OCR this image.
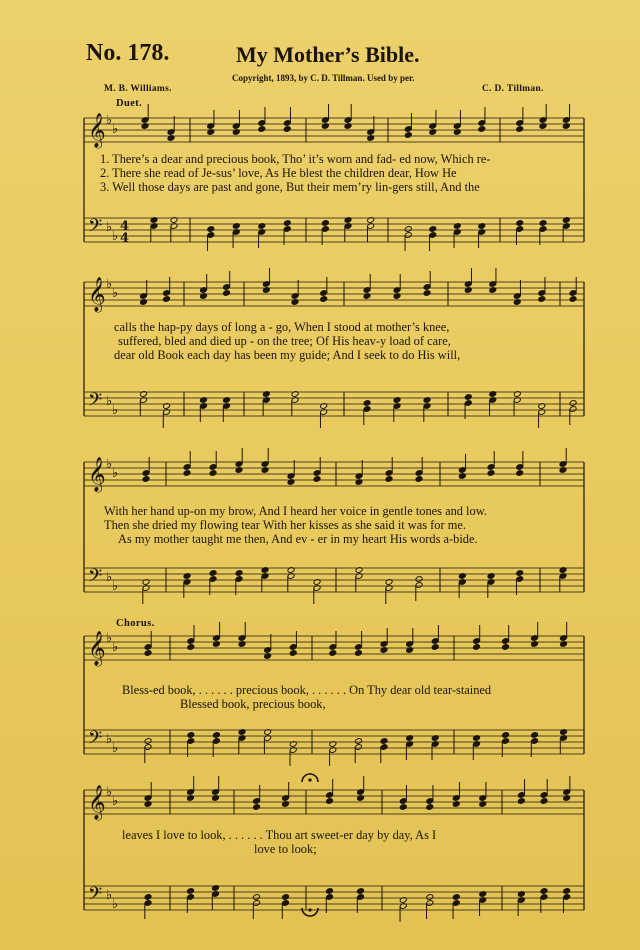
No. 178.	My Mother’s Bible.
Copyright, 1893, by C. D. Tillman. Used by per.
M. B. Williams.	C. D. Tillman.
Duet.
Chorus.
1. There’s a dear and precious book, Tho’ it’s worn and fad- ed now, Which re-
2. There she read of Je-sus’ love, As He blest the children dear, How He
3. Well those days are past and gone, But their mem’ry lin-gers still, And the
calls the hap-py days of long a - go, When I stood at mother’s knee,
suffered, bled and died up - on the tree; Of His heav-y load of care,
dear old Book each day has been my guide; And I seek to do His will,
With her hand up-on my brow, And I heard her voice in gentle tones and low.
Then she dried my flowing tear With her kisses as she said it was for me.
As my mother taught me then, And ev - er in my heart His words a-bide.
Bless-ed book, . . . . . . precious book, . . . . . . On Thy dear old tear-stained
Blessed book, precious book,
leaves I love to look, . . . . . . Thou art sweet-er day by day, As I
love to look;
𝄞 ♭
♭
𝄢 ♭
♭
4
4
𝄞 ♭
♭
𝄢 ♭
♭
𝄞 ♭
♭
𝄢 ♭
♭
𝄞 ♭
♭
𝄢 ♭
♭
𝄞 ♭
♭
𝄢 ♭
♭
